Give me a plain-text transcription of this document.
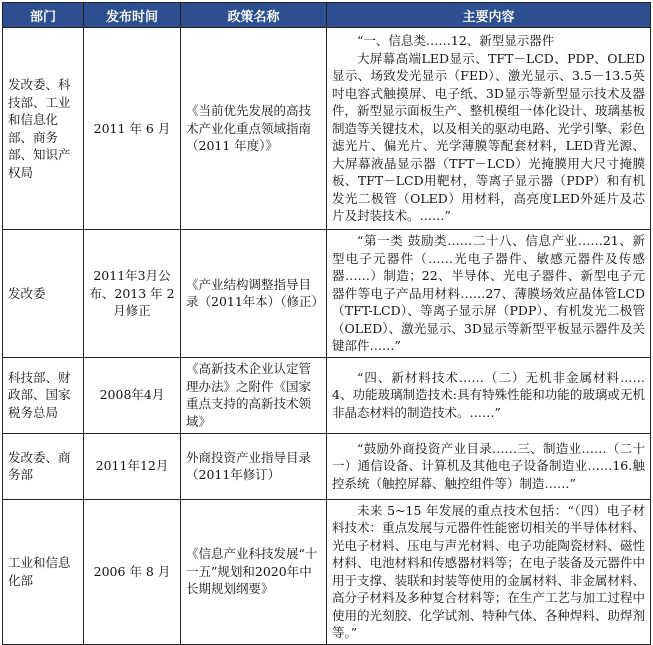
部门	发布时间	政策名称	主要内容
发改委、科技部、工业和信息化部、商务部、知识产权局	2011 年 6 月	《当前优先发展的高技术产业化重点领域指南（2011 年度）》	“一、信息类……12、新型显示器件
大屏幕高端LED显示、TFT－LCD、PDP、OLED显示、场致发光显示（FED）、激光显示、3.5－13.5英吋电容式触摸屏、电子纸、3D显示等新型显示技术及器件，新型显示面板生产、整机模组一体化设计、玻璃基板制造等关键技术，以及相关的驱动电路、光学引擎、彩色滤光片、偏光片、光学薄膜等配套材料，LED背光源、大屏幕液晶显示器（TFT－LCD）光掩膜用大尺寸掩膜板、TFT－LCD用靶材，等离子显示器（PDP）和有机发光二极管（OLED）用材料，高亮度LED外延片及芯片及封装技术。……”

发改委	2011年3月公布、2013 年 2 月修正	《产业结构调整指导目录（2011年本）（修正）	“第一类 鼓励类……二十八、信息产业……21、新型电子元器件（……光电子器件、敏感元器件及传感器……）制造；22、半导体、光电子器件、新型电子元器件等电子产品用材料……27、薄膜场效应晶体管LCD（TFT-LCD）、等离子显示屏（PDP）、有机发光二极管（OLED）、激光显示、3D显示等新型平板显示器件及关键部件……”

科技部、财政部、国家税务总局	2008年4月	《高新技术企业认定管理办法》之附件《国家重点支持的高新技术领域》	“四、新材料技术……（二）无机非金属材料……4、功能玻璃制造技术:具有特殊性能和功能的玻璃或无机非晶态材料的制造技术。……”

发改委、商务部	2011年12月	外商投资产业指导目录（2011年修订）	“鼓励外商投资产业目录……三、制造业……（二十一）通信设备、计算机及其他电子设备制造业……16.触控系统（触控屏幕、触控组件等）制造……”

工业和信息化部	2006 年 8 月	《信息产业科技发展“十一五”规划和2020年中长期规划纲要》	未来 5~15 年发展的重点技术包括：“（四）电子材料技术：重点发展与元器件性能密切相关的半导体材料、光电子材料、压电与声光材料、电子功能陶瓷材料、磁性材料、电池材料和传感器材料等；在电子装备及元器件中用于支撑、装联和封装等使用的金属材料、非金属材料、高分子材料及多种复合材料等；在生产工艺与加工过程中使用的光刻胶、化学试剂、特种气体、各种焊料、助焊剂等。”
